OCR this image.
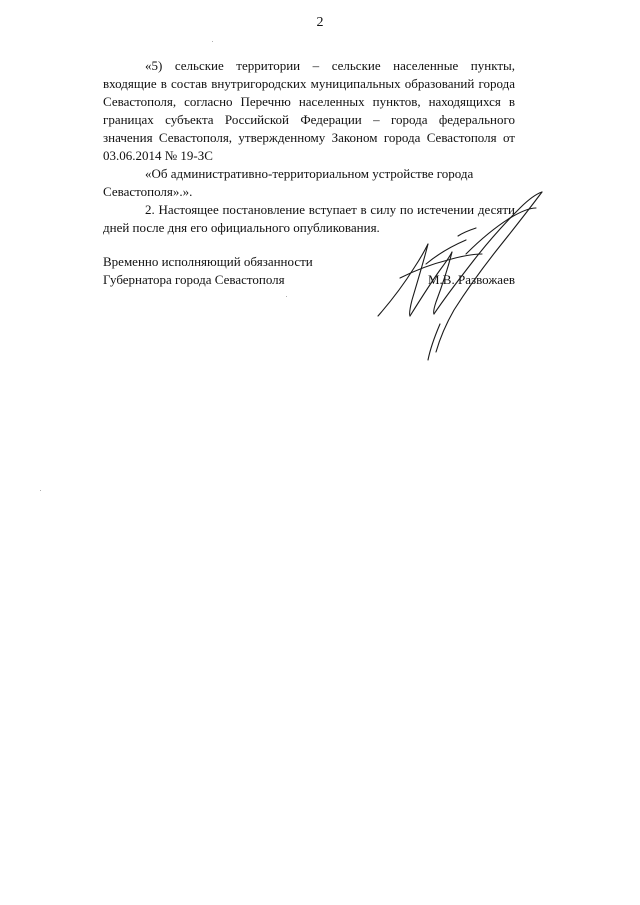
2

«5) сельские территории – сельские населенные пункты, входящие в состав внутригородских муниципальных образований города Севастополя, согласно Перечню населенных пунктов, находящихся в границах субъекта Российской Федерации – города федерального значения Севастополя, утвержденному Законом города Севастополя от 03.06.2014 № 19-ЗС
«Об административно-территориальном устройстве города Севастополя».».

2. Настоящее постановление вступает в силу по истечении десяти дней после дня его официального опубликования.

Временно исполняющий обязанности
Губернатора города Севастополя	М.В. Развожаев
